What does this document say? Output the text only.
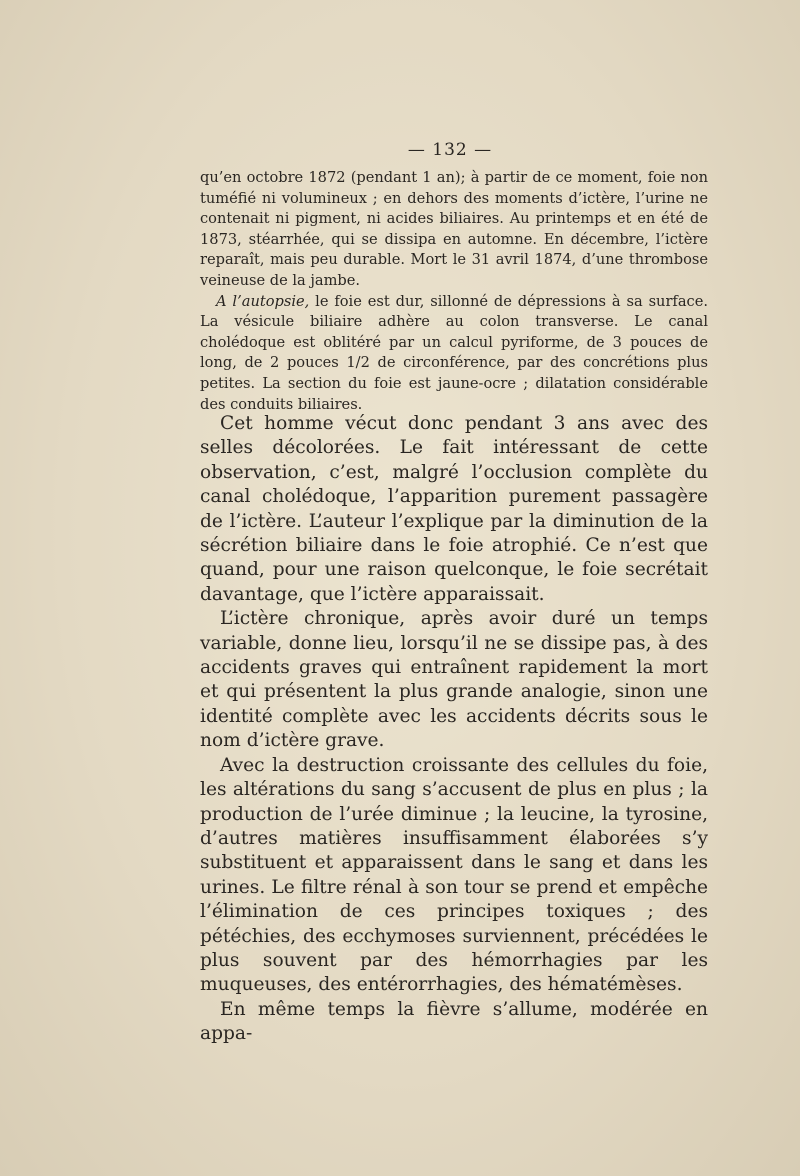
— 132 —

qu’en octobre 1872 (pendant 1 an); à partir de ce moment, foie non tuméfié ni volumineux ; en dehors des moments d’ictère, l’urine ne contenait ni pigment, ni acides biliaires. Au printemps et en été de 1873, stéarrhée, qui se dissipa en automne. En décembre, l’ictère reparaît, mais peu durable. Mort le 31 avril 1874, d’une thrombose veineuse de la jambe.

A l’autopsie, le foie est dur, sillonné de dépressions à sa surface. La vésicule biliaire adhère au colon transverse. Le canal cholédoque est oblitéré par un calcul pyriforme, de 3 pouces de long, de 2 pouces 1/2 de circonférence, par des concrétions plus petites. La section du foie est jaune-ocre ; dilatation considérable des conduits biliaires.

Cet homme vécut donc pendant 3 ans avec des selles décolorées. Le fait intéressant de cette observation, c’est, malgré l’occlusion complète du canal cholédoque, l’apparition purement passagère de l’ictère. L’auteur l’explique par la diminution de la sécrétion biliaire dans le foie atrophié. Ce n’est que quand, pour une raison quelconque, le foie secrétait davantage, que l’ictère apparaissait.

L’ictère chronique, après avoir duré un temps variable, donne lieu, lorsqu’il ne se dissipe pas, à des accidents graves qui entraînent rapidement la mort et qui présentent la plus grande analogie, sinon une identité complète avec les accidents décrits sous le nom d’ictère grave.

Avec la destruction croissante des cellules du foie, les altérations du sang s’accusent de plus en plus ; la production de l’urée diminue ; la leucine, la tyrosine, d’autres matières insuffisamment élaborées s’y substituent et apparaissent dans le sang et dans les urines. Le filtre rénal à son tour se prend et empêche l’élimination de ces principes toxiques ; des pétéchies, des ecchymoses surviennent, précédées le plus souvent par des hémorrhagies par les muqueuses, des entérorrhagies, des hématémèses.

En même temps la fièvre s’allume, modérée en appa-
